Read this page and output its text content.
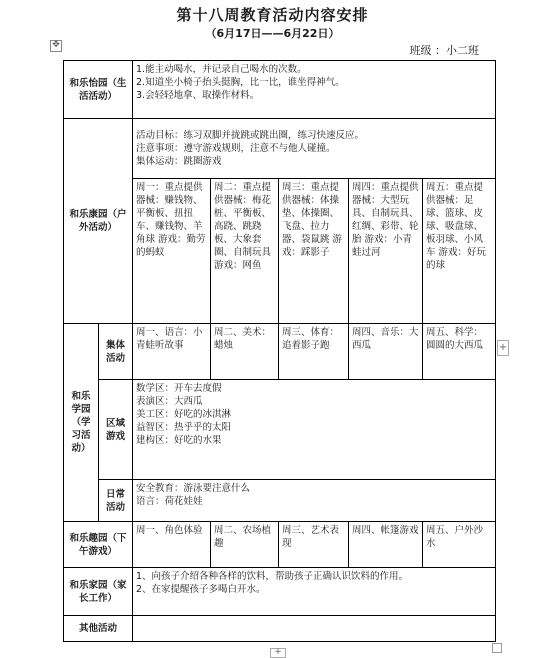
第十八周教育活动内容安排
（6月17日——6月22日）
✥	班级 ：小二班
和乐怡园（生活活动）		1.能主动喝水，并记录自己喝水的次数。
2.知道坐小椅子抬头挺胸，比一比，谁坐得神气。
3.会轻轻地拿、取操作材料。				

和乐康园（户外活动）		活动目标：练习双脚并拢跳或跳出圈，练习快速反应。
注意事项：遵守游戏规则，注意不与他人碰撞。
集体运动：跳圈游戏				

		周一：重点提供器械：赚钱物、平衡板、扭扭车、赚钱物、羊角球 游戏：勤劳的蚂蚁	周二：重点提供器械：梅花桩、平衡板、高跷、跳跷板、大象套圈、自制玩具 游戏：网鱼	周三：重点提供器械：体操垫、体操圈、飞盘、拉力器、袋鼠跳 游戏：踩影子	周四：重点提供器械：大型玩具、自制玩具、红绸、彩带、轮胎 游戏：小青蛙过河	周五：重点提供器械：足球、篮球、皮球、吸盘球、板羽球、小风车 游戏：好玩的球
和乐学园（学习活动）	集体活动	周一、语言：小青蛙听故事	周二、美术：蜡烛	周三、体育：追着影子跑	周四、音乐：大西瓜	周五、科学：圆圆的大西瓜
	区域游戏	数学区：开车去度假
表演区：大西瓜
美工区：好吃的冰淇淋
益智区：热乎乎的太阳
建构区：好吃的水果				

	日常活动	安全教育：游泳要注意什么
语言：荷花娃娃				

和乐趣园（下午游戏）		周一、角色体验	周二、农场植趣	周三、艺术表现	周四、帐篷游戏	周五、户外沙水
和乐家园（家长工作）		1、向孩子介绍各种各样的饮料，帮助孩子正确认识饮料的作用。
2、在家提醒孩子多喝白开水。				

其他活动						
+
+
